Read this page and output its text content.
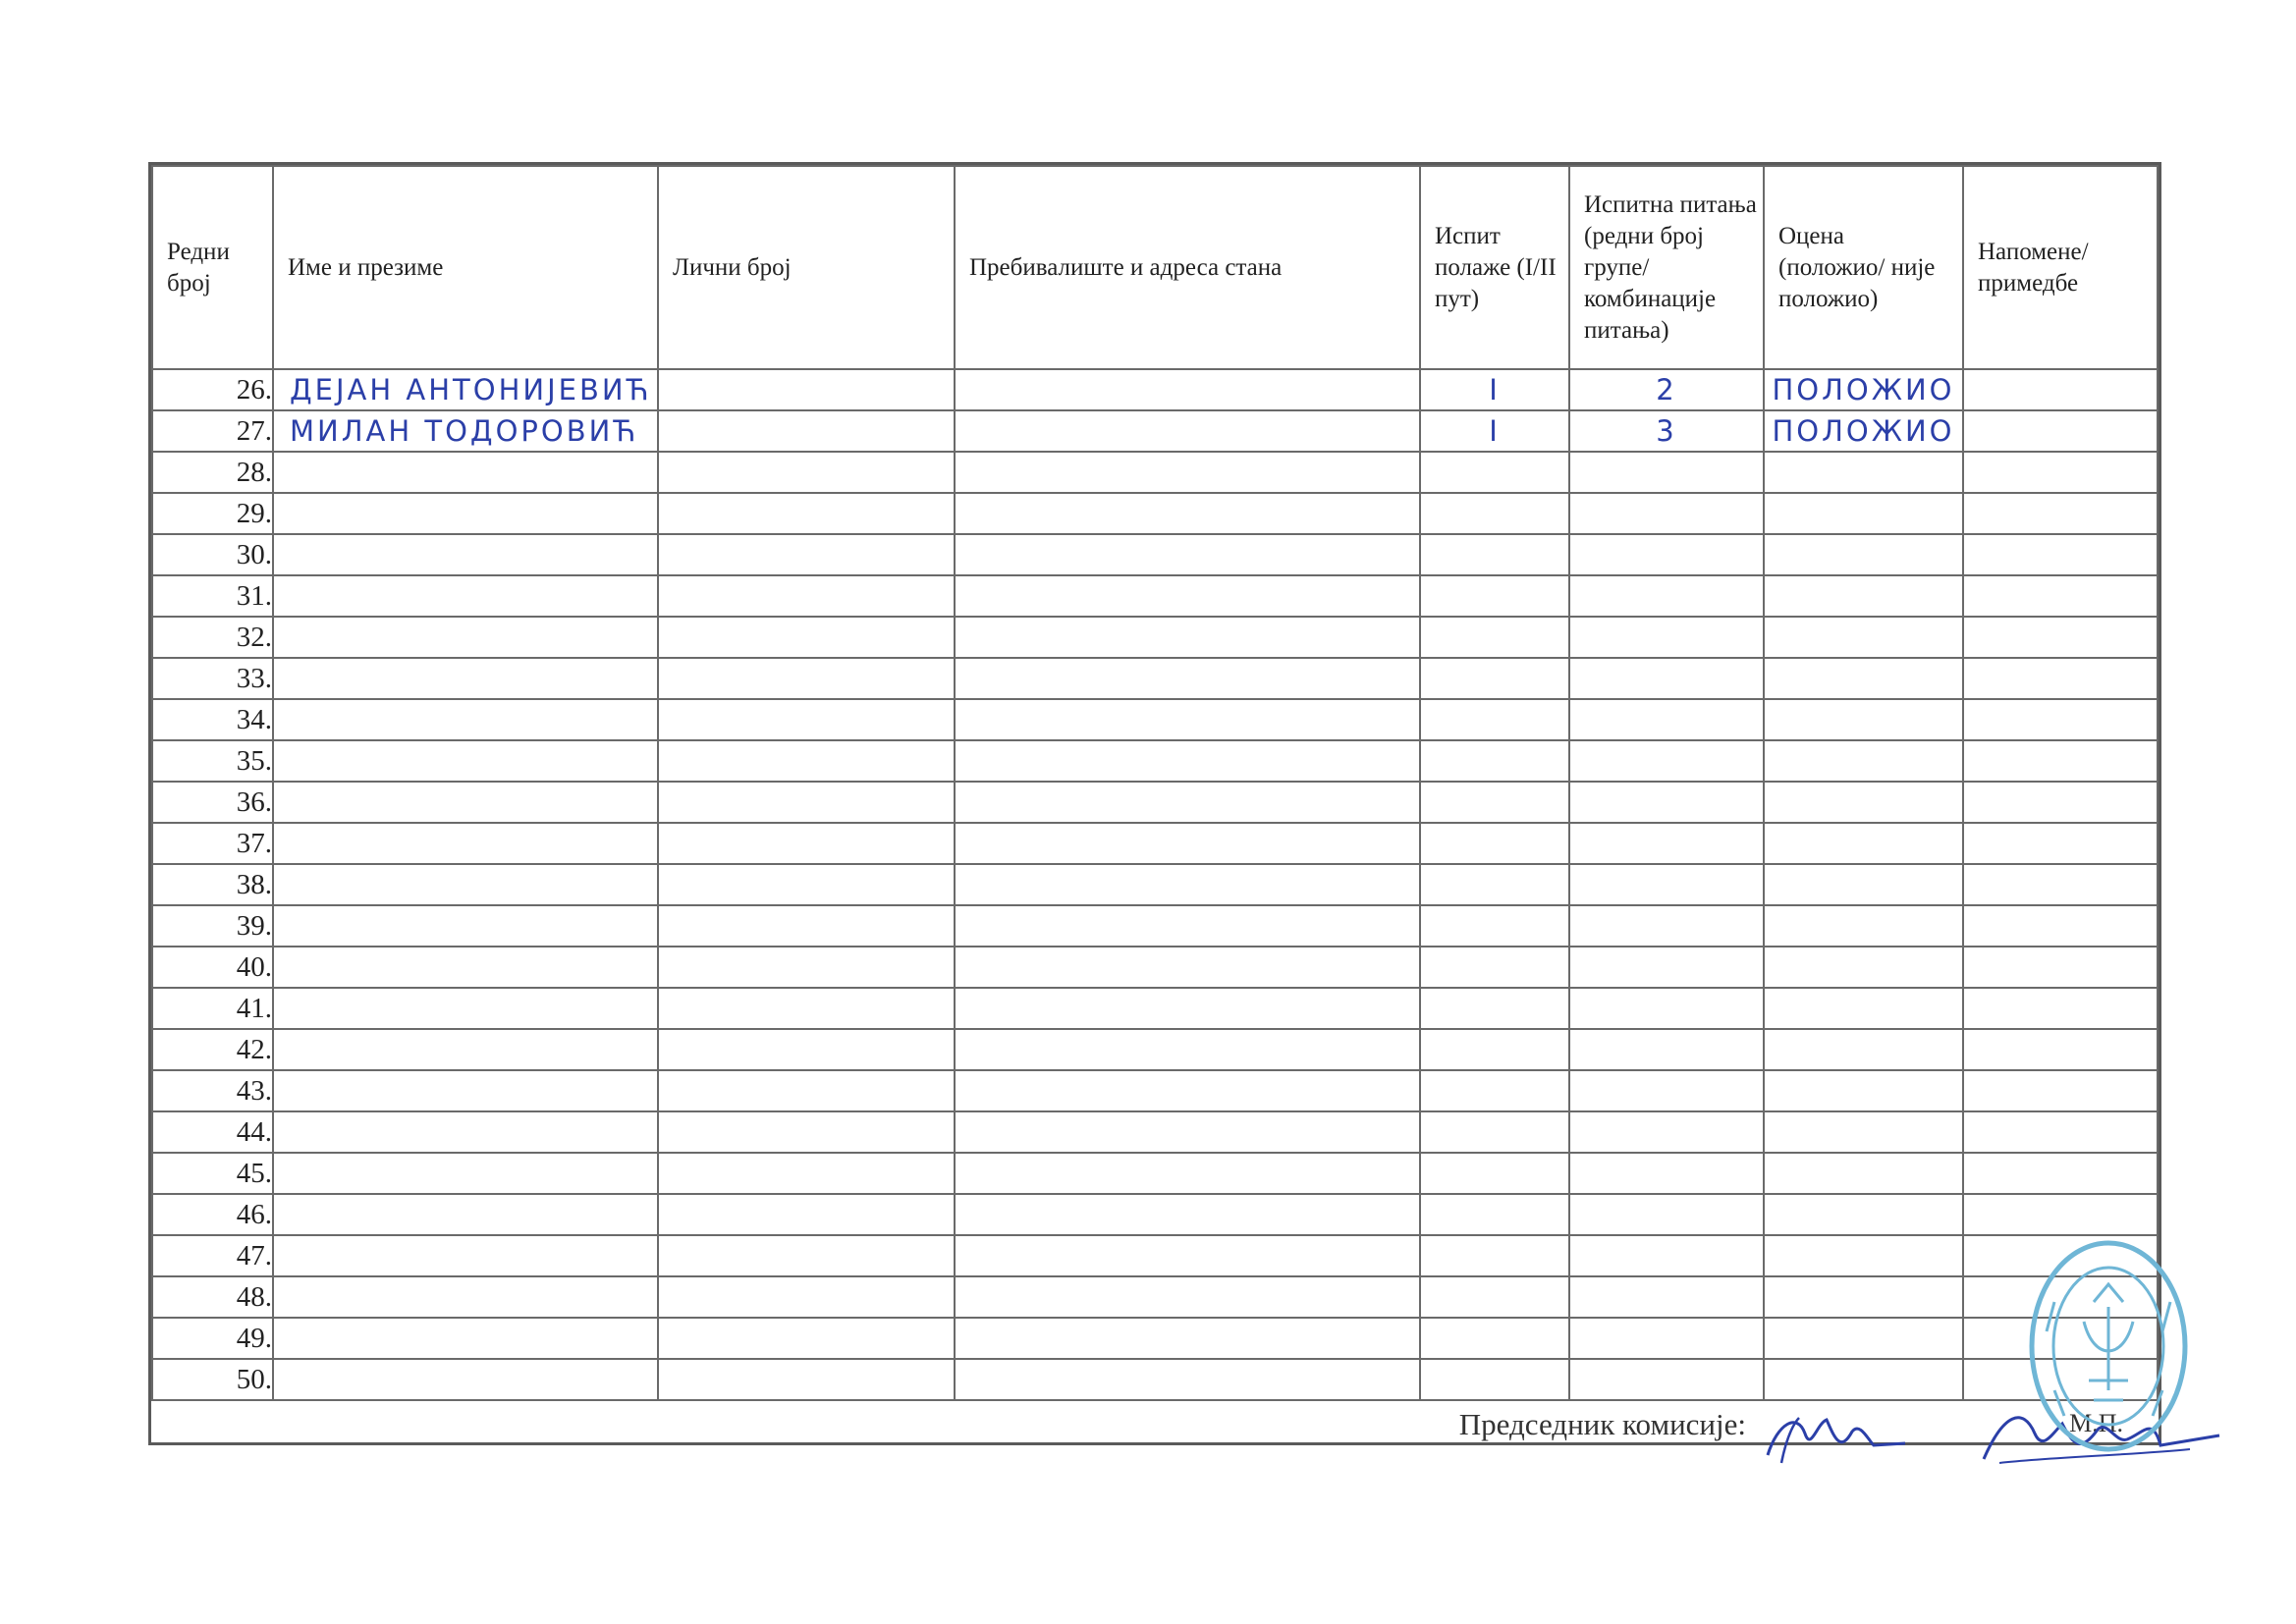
Редни број	Име и презиме	Лични број	Пребивалиште и адреса стана	Испит полаже (I/II пут)	Испитна питања (редни број групе/ комбинације питања)	Оцена (положио/ није положио)	Напомене/ примедбе
26.	ДЕЈАН АНТОНИЈЕВИЋ			I	2	ПОЛОЖИО	
27.	МИЛАН ТОДОРОВИЋ			I	3	ПОЛОЖИО	
28.							
29.							
30.							
31.							
32.							
33.							
34.							
35.							
36.							
37.							
38.							
39.							
40.							
41.							
42.							
43.							
44.							
45.							
46.							
47.							
48.							
49.							
50.							
Председник комисије:	М.П.
